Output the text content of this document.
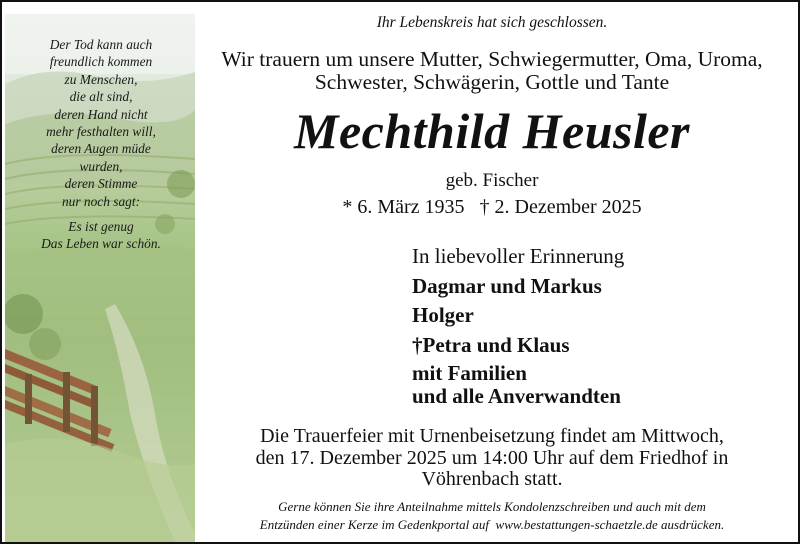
Der Tod kann auch
freundlich kommen
zu Menschen,
die alt sind,
deren Hand nicht
mehr festhalten will,
deren Augen müde
wurden,
deren Stimme
nur noch sagt:
Es ist genug
Das Leben war schön.
Ihr Lebenskreis hat sich geschlossen.
Wir trauern um unsere Mutter, Schwiegermutter, Oma, Uroma,
Schwester, Schwägerin, Gottle und Tante
Mechthild Heusler
geb. Fischer
* 6. März 1935   † 2. Dezember 2025
In liebevoller Erinnerung
Dagmar und Markus
Holger
†Petra und Klaus
mit Familien
und alle Anverwandten
Die Trauerfeier mit Urnenbeisetzung findet am Mittwoch,
den 17. Dezember 2025 um 14:00 Uhr auf dem Friedhof in
Vöhrenbach statt.
Gerne können Sie ihre Anteilnahme mittels Kondolenzschreiben und auch mit dem
Entzünden einer Kerze im Gedenkportal auf  www.bestattungen-schaetzle.de ausdrücken.
